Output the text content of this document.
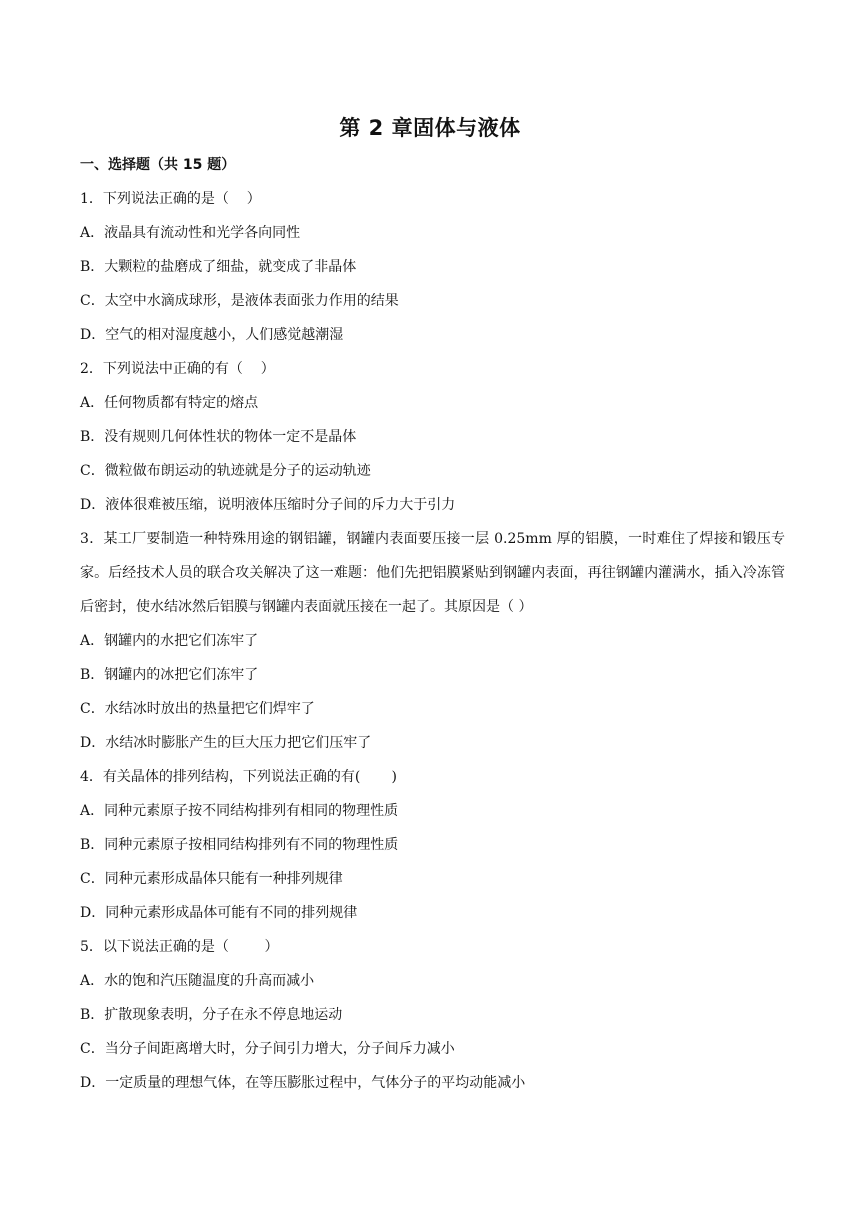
第 2 章固体与液体
一、选择题（共 15 题）
1．下列说法正确的是（    ）
A．液晶具有流动性和光学各向同性
B．大颗粒的盐磨成了细盐，就变成了非晶体
C．太空中水滴成球形，是液体表面张力作用的结果
D．空气的相对湿度越小，人们感觉越潮湿
2．下列说法中正确的有（    ）
A．任何物质都有特定的熔点
B．没有规则几何体性状的物体一定不是晶体
C．微粒做布朗运动的轨迹就是分子的运动轨迹
D．液体很难被压缩，说明液体压缩时分子间的斥力大于引力
3．某工厂要制造一种特殊用途的钢铝罐，钢罐内表面要压接一层 0.25mm 厚的铝膜，一时难住了焊接和锻压专家。后经技术人员的联合攻关解决了这一难题：他们先把铝膜紧贴到钢罐内表面，再往钢罐内灌满水，插入冷冻管后密封，使水结冰然后铝膜与钢罐内表面就压接在一起了。其原因是（ ）
A．钢罐内的水把它们冻牢了
B．钢罐内的冰把它们冻牢了
C．水结冰时放出的热量把它们焊牢了
D．水结冰时膨胀产生的巨大压力把它们压牢了
4．有关晶体的排列结构，下列说法正确的有(       )
A．同种元素原子按不同结构排列有相同的物理性质
B．同种元素原子按相同结构排列有不同的物理性质
C．同种元素形成晶体只能有一种排列规律
D．同种元素形成晶体可能有不同的排列规律
5．以下说法正确的是（        ）
A．水的饱和汽压随温度的升高而减小
B．扩散现象表明，分子在永不停息地运动
C．当分子间距离增大时，分子间引力增大，分子间斥力减小
D．一定质量的理想气体，在等压膨胀过程中，气体分子的平均动能减小
